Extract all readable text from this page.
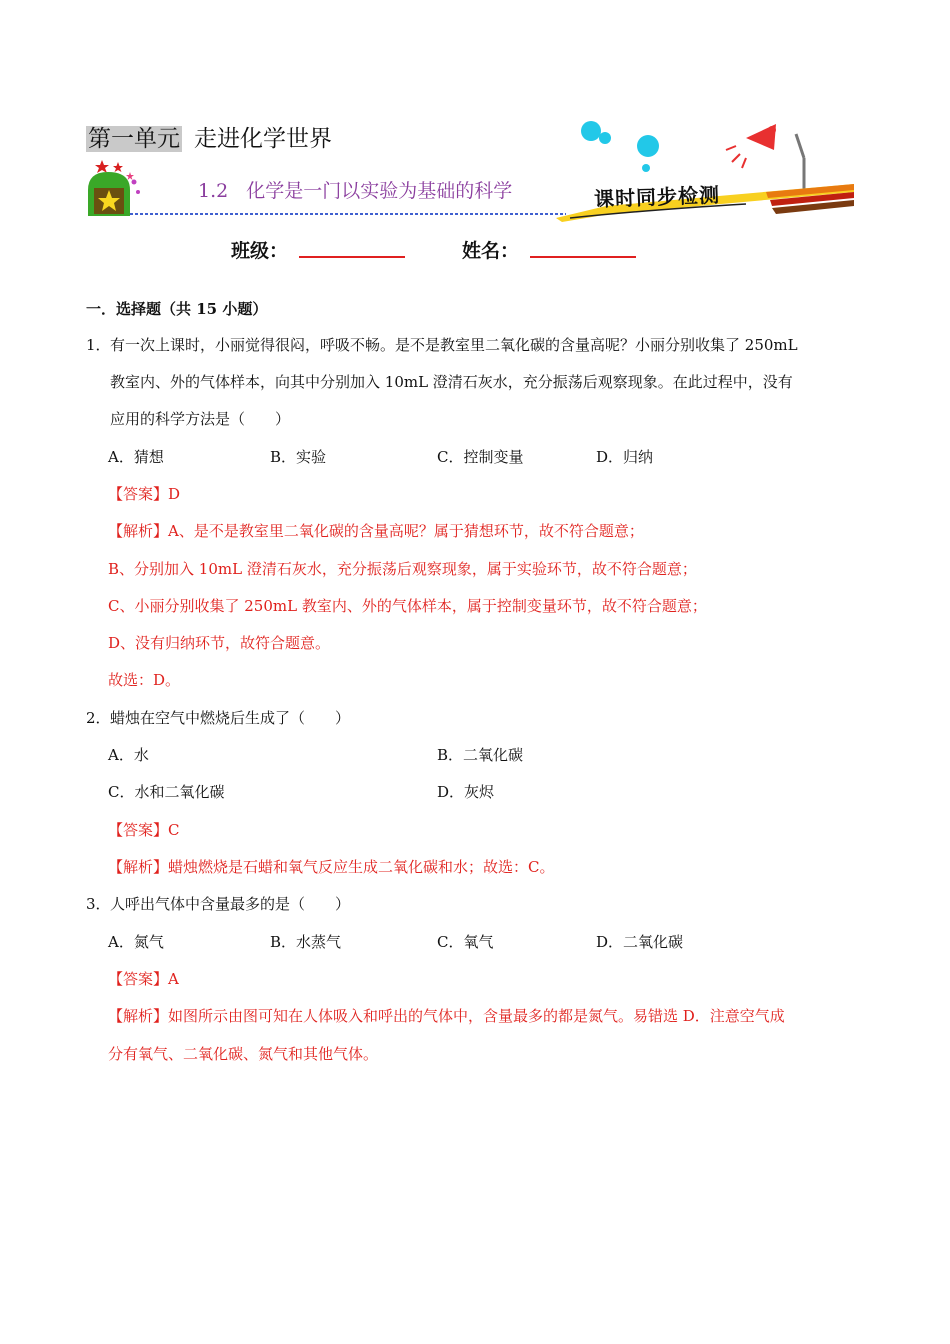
第一单元 走进化学世界
1.2 化学是一门以实验为基础的科学	课时同步检测
班级：	姓名：
一．选择题（共 15 小题）
1． 有一次上课时，小丽觉得很闷，呼吸不畅。是不是教室里二氧化碳的含量高呢？小丽分别收集了 250mL
教室内、外的气体样本，向其中分别加入 10mL 澄清石灰水，充分振荡后观察现象。在此过程中，没有
应用的科学方法是（　　）
A．猜想	B．实验	C．控制变量	D．归纳
【答案】D
【解析】A、是不是教室里二氧化碳的含量高呢？属于猜想环节，故不符合题意；
B、分别加入 10mL 澄清石灰水，充分振荡后观察现象，属于实验环节，故不符合题意；
C、小丽分别收集了 250mL 教室内、外的气体样本，属于控制变量环节，故不符合题意；
D、没有归纳环节，故符合题意。
故选：D。
2． 蜡烛在空气中燃烧后生成了（　　）
A．水	B．二氧化碳
C．水和二氧化碳	D．灰烬
【答案】C
【解析】蜡烛燃烧是石蜡和氧气反应生成二氧化碳和水；故选：C。
3． 人呼出气体中含量最多的是（　　）
A．氮气	B．水蒸气	C．氧气	D．二氧化碳
【答案】A
【解析】如图所示由图可知在人体吸入和呼出的气体中，含量最多的都是氮气。易错选 D．注意空气成
分有氧气、二氧化碳、氮气和其他气体。
